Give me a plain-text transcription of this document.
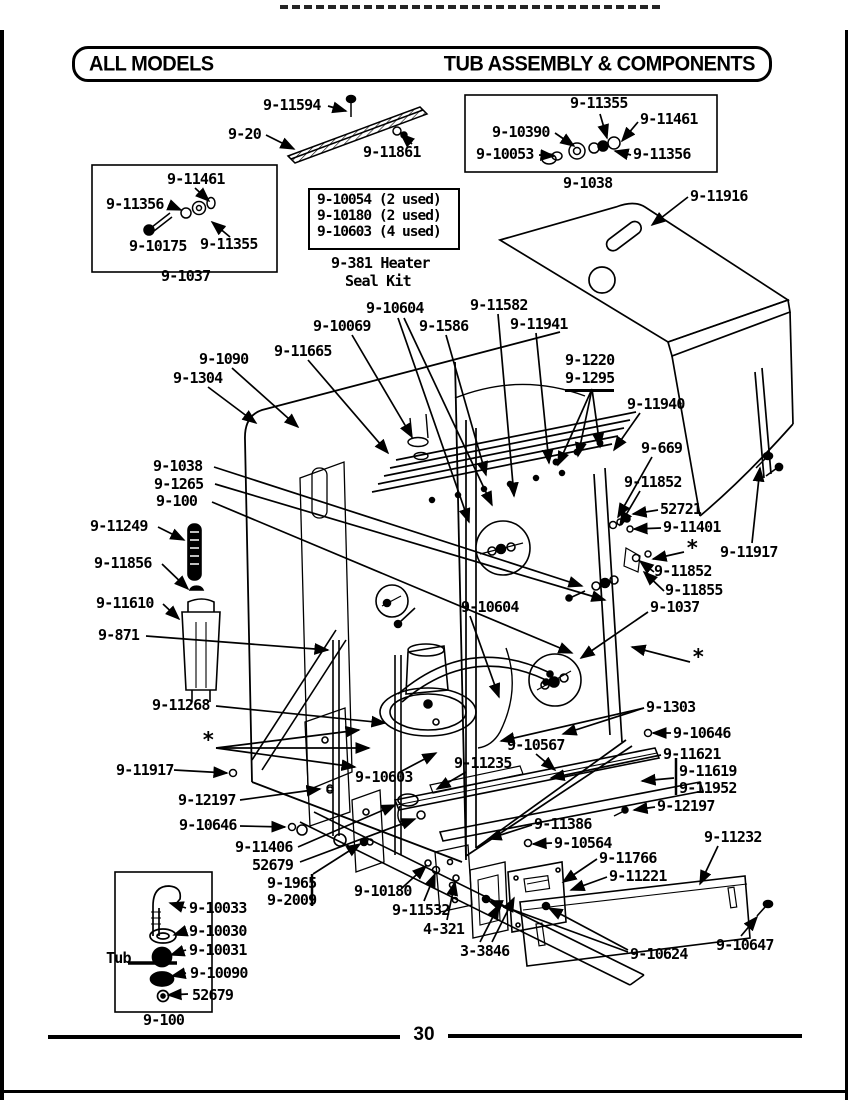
ALL MODELS	TUB ASSEMBLY & COMPONENTS
9-10054 (2 used)
9-10180 (2 used)
9-10603 (4 used)
9-381 Heater
Seal Kit
9-11594
9-20
9-11861
9-11355
9-11461
9-10390
9-10053	9-11356
9-1038
9-11461
9-11356
9-10175 9-11355
9-1037
9-11916
9-10604	9-11582
9-10069	9-1586	9-11941
9-11665
9-1090
9-1304
9-1220
9-1295
9-11940
9-669
9-11852
52721
9-11401
* 9-11917
9-11852
9-11855
9-1038
9-1265
9-100
9-11249
9-11856
9-11610
9-871
9-10604	9-1037
*
9-1303
9-10646
9-10567	9-11621
9-11619
9-11952
9-11235
9-12197
9-11386
9-11268
*
9-11917
9-12197
9-10646
9-11406
52679
9-10603
9-10564
9-11766
9-11221
9-11232
9-1965
9-2009	9-10180
9-11532
4-321
3-3846	9-10624 9-10647
9-10033
9-10030
9-10031
Tub
9-10090
52679
9-100
30
